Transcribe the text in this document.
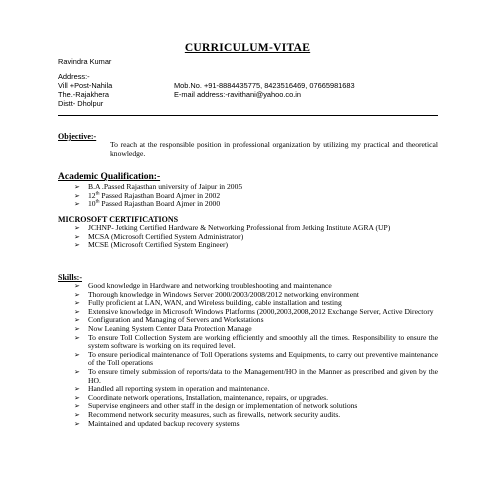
CURRICULUM-VITAE
Ravindra Kumar
Address:-
Vill +Post-Nahila
The.-Rajakhera
Distt- Dholpur
Mob.No. +91-8884435775, 8423516469, 07665981683
E-mail address:-ravithani@yahoo.co.in
Objective:-
To reach at the responsible position in professional organization by utilizing my practical and theoretical knowledge.
Academic Qualification:-
➢ B.A .Passed Rajasthan university of Jaipur in 2005
➢ 12th Passed Rajasthan Board Ajmer in 2002
➢ 10th Passed Rajasthan Board Ajmer in 2000
MICROSOFT CERTIFICATIONS
➢ JCHNP- Jetking Certified Hardware & Networking Professional from Jetking Institute AGRA (UP)
➢ MCSA (Microsoft Certified System Administrator)
➢ MCSE (Microsoft Certified System Engineer)
Skills:-
➢ Good knowledge in Hardware and networking troubleshooting and maintenance
➢ Thorough knowledge in Windows Server 2000/2003/2008/2012 networking environment
➢ Fully proficient at LAN, WAN, and Wireless building, cable installation and testing
➢ Extensive knowledge in Microsoft Windows Platforms (2000,2003,2008,2012 Exchange Server, Active Directory
➢ Configuration and Managing of Servers and Workstations
➢ Now Leaning System Center Data Protection Manage
➢ To ensure Toll Collection System are working efficiently and smoothly all the times. Responsibility to ensure the system software is working on its required level.
➢ To ensure periodical maintenance of Toll Operations systems and Equipments, to carry out preventive maintenance of the Toll operations
➢ To ensure timely submission of reports/data to the Management/HO in the Manner as prescribed and given by the HO.
➢ Handled all reporting system in operation and maintenance.
➢ Coordinate network operations, Installation, maintenance, repairs, or upgrades.
➢ Supervise engineers and other staff in the design or implementation of network solutions
➢ Recommend network security measures, such as firewalls, network security audits.
➢ Maintained and updated backup recovery systems
